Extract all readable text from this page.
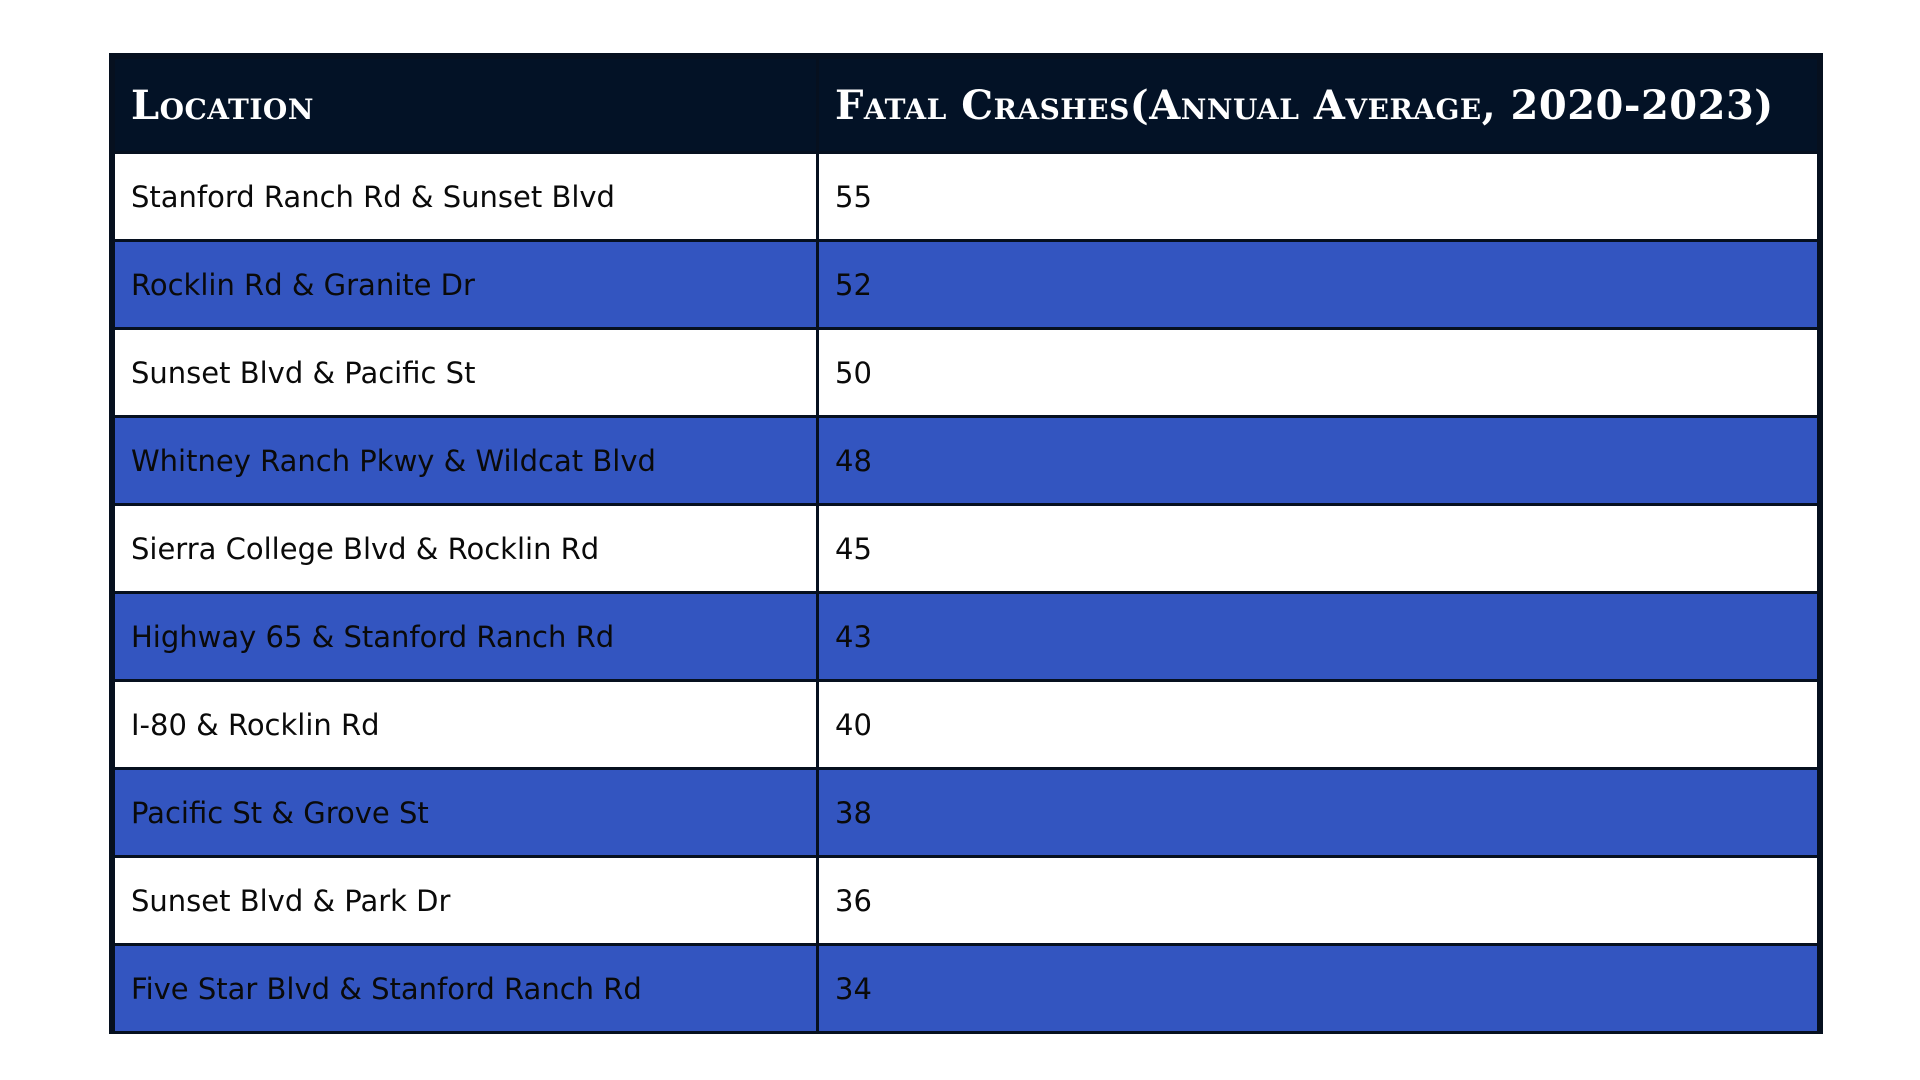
Location	Fatal Crashes(Annual Average, 2020-2023)
Stanford Ranch Rd & Sunset Blvd	55
Rocklin Rd & Granite Dr	52
Sunset Blvd & Pacific St	50
Whitney Ranch Pkwy & Wildcat Blvd	48
Sierra College Blvd & Rocklin Rd	45
Highway 65 & Stanford Ranch Rd	43
I-80 & Rocklin Rd	40
Pacific St & Grove St	38
Sunset Blvd & Park Dr	36
Five Star Blvd & Stanford Ranch Rd	34
